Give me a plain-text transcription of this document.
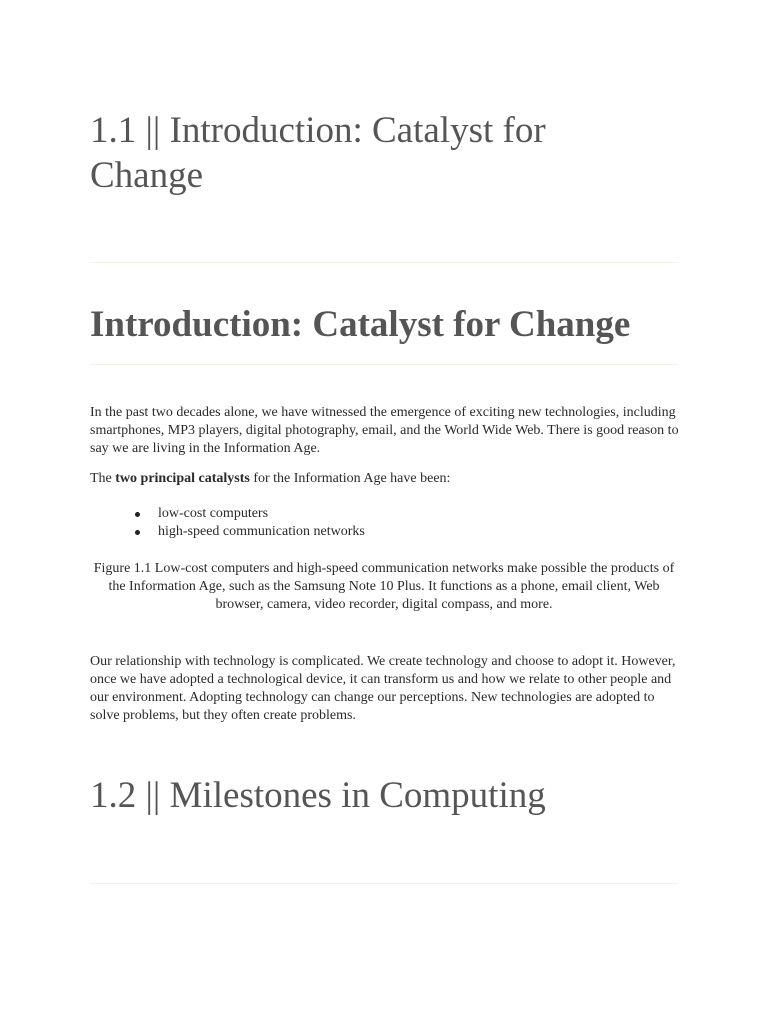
1.1 || Introduction: Catalyst for Change
Introduction: Catalyst for Change

In the past two decades alone, we have witnessed the emergence of exciting new technologies, including smartphones, MP3 players, digital photography, email, and the World Wide Web. There is good reason to say we are living in the Information Age.

The two principal catalysts for the Information Age have been:

low-cost computers
high-speed communication networks

Figure 1.1 Low-cost computers and high-speed communication networks make possible the products of the Information Age, such as the Samsung Note 10 Plus. It functions as a phone, email client, Web browser, camera, video recorder, digital compass, and more.

Our relationship with technology is complicated. We create technology and choose to adopt it. However, once we have adopted a technological device, it can transform us and how we relate to other people and our environment. Adopting technology can change our perceptions. New technologies are adopted to solve problems, but they often create problems.

1.2 || Milestones in Computing
